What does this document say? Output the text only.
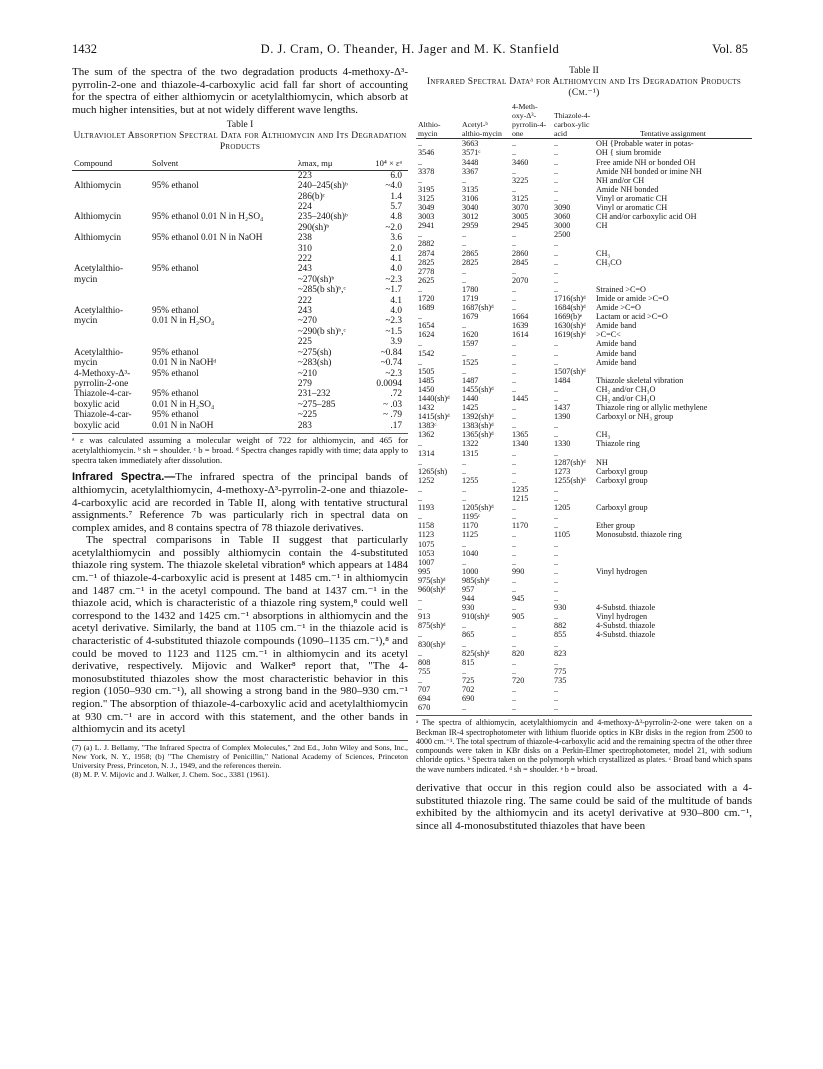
1432	D. J. Cram, O. Theander, H. Jager and M. K. Stanfield	Vol. 85

The sum of the spectra of the two degradation products 4-methoxy-Δ³-pyrrolin-2-one and thiazole-4-carboxylic acid fall far short of accounting for the spectra of either althiomycin or acetylalthiomycin, which absorb at much higher intensities, but at not widely different wave lengths.

Table I

Ultraviolet Absorption Spectral Data for Althiomycin and Its Degradation Products

Compound	Solvent	λmax, mμ	10⁴ × εᵃ
		223	6.0
Althiomycin	95% ethanol	240–245(sh)ᵇ	~4.0
		286(b)ᶜ	1.4
		224	5.7
Althiomycin	95% ethanol 0.01 N in H₂SO₄	235–240(sh)ᵇ	4.8
		290(sh)ᵇ	~2.0
Althiomycin	95% ethanol 0.01 N in NaOH	238	3.6
		310	2.0
		222	4.1
Acetylalthio-	95% ethanol	243	4.0
mycin		~270(sh)ᵇ	~2.3
		~285(b sh)ᵇ,ᶜ	~1.7
		222	4.1
Acetylalthio-	95% ethanol	243	4.0
mycin	0.01 N in H₂SO₄	~270	~2.3
		~290(b sh)ᵇ,ᶜ	~1.5
		225	3.9
Acetylalthio-	95% ethanol	~275(sh)	~0.84
mycin	0.01 N in NaOHᵈ	~283(sh)	~0.74
4-Methoxy-Δ³-	95% ethanol	~210	~2.3
pyrrolin-2-one		279	0.0094
Thiazole-4-car-	95% ethanol	231–232	.72
boxylic acid	0.01 N in H₂SO₄	~275–285	~ .03
Thiazole-4-car-	95% ethanol	~225	~ .79
boxylic acid	0.01 N in NaOH	283	.17

ᵃ ε was calculated assuming a molecular weight of 722 for althiomycin, and 465 for acetylalthiomycin. ᵇ sh = shoulder. ᶜ b = broad. ᵈ Spectra changes rapidly with time; data apply to spectra taken immediately after dissolution.

Infrared Spectra.—The infrared spectra of the principal bands of althiomycin, acetylalthiomycin, 4-methoxy-Δ³-pyrrolin-2-one and thiazole-4-carboxylic acid are recorded in Table II, along with tentative structural assignments.⁷ Reference 7b was particularly rich in spectral data on complex amides, and 8 contains spectra of 78 thiazole derivatives.

The spectral comparisons in Table II suggest that particularly acetylalthiomycin and possibly althiomycin contain the 4-substituted thiazole ring system. The thiazole skeletal vibration⁸ which appears at 1484 cm.⁻¹ of thiazole-4-carboxylic acid is present at 1485 cm.⁻¹ in althiomycin and 1487 cm.⁻¹ in the acetyl compound. The band at 1437 cm.⁻¹ in the thiazole acid, which is characteristic of a thiazole ring system,⁸ could well correspond to the 1432 and 1425 cm.⁻¹ absorptions in althiomycin and the acetyl derivative. Similarly, the band at 1105 cm.⁻¹ in the thiazole acid is characteristic of 4-substituted thiazole compounds (1090–1135 cm.⁻¹),⁸ and could be moved to 1123 and 1125 cm.⁻¹ in althiomycin and its acetyl derivative, respectively. Mijovic and Walker⁸ report that, "The 4-monosubstituted thiazoles show the most characteristic behavior in this region (1050–930 cm.⁻¹), all showing a strong band in the 980–930 cm.⁻¹ region." The absorption of thiazole-4-carboxylic acid and acetylalthiomycin at 930 cm.⁻¹ are in accord with this statement, and the other bands in althiomycin and its acetyl

(7) (a) L. J. Bellamy, "The Infrared Spectra of Complex Molecules," 2nd Ed., John Wiley and Sons, Inc., New York, N. Y., 1958; (b) "The Chemistry of Penicillin," National Academy of Sciences, Princeton University Press, Princeton, N. J., 1949, and the references therein.
(8) M. P. V. Mijovic and J. Walker, J. Chem. Soc., 3381 (1961).

Table II

Infrared Spectral Dataᵃ for Althiomycin and Its Degradation Products (Cm.⁻¹)

Althio-mycin	Acetyl-ᵇ althio-mycin	4-Meth-oxy-Δ³-pyrrolin-4-one	Thiazole-4-carbox-ylic acid	Tentative assignment
..	3663	..	..	OH {Probable water in potas-
3546	3571ᶜ	..	..	OH { sium bromide
..	3448	3460	..	Free amide NH or bonded OH
3378	3367	..	..	Amide NH bonded or imine NH
..	..	3225	..	NH and/or CH
3195	3135	..	..	Amide NH bonded
3125	3106	3125	..	Vinyl or aromatic CH
3049	3040	3070	3090	Vinyl or aromatic CH
3003	3012	3005	3060	CH and/or carboxylic acid OH
2941	2959	2945	3000	CH
..	..	..	2500	
2882	..	..	..	
2874	2865	2860	..	CH₃
2825	2825	2845	..	CH₃CO
2778	..	..	..	
2625	..	2070	..	
..	1780	..	..	Strained >C=O
1720	1719	..	1716(sh)ᵈ	Imide or amide >C=O
1689	1687(sh)ᵈ	..	1684(sh)ᵈ	Amide >C=O
..	1679	1664	1669(b)ᵉ	Lactam or acid >C=O
1654	..	1639	1630(sh)ᵈ	Amide band
1624	1620	1614	1619(sh)ᵈ	>C=C<
..	1597	..	..	Amide band
1542	..	..	..	Amide band
..	1525	..	..	Amide band
1505	..	..	1507(sh)ᵈ	
1485	1487	..	1484	Thiazole skeletal vibration
1450	1455(sh)ᵈ	..	..	CH₂ and/or CH₃O
1440(sh)ᵈ	1440	1445	..	CH₂ and/or CH₃O
1432	1425	..	1437	Thiazole ring or allylic methylene
1415(sh)ᵈ	1392(sh)ᵈ	..	1390	Carboxyl or NH₃ group
1383ᶜ	1383(sh)ᵈ	..	..	
1362	1365(sh)ᵈ	1365	..	CH₃
..	1322	1340	1330	Thiazole ring
1314	1315	..	..	
..	..	..	1287(sh)ᵈ	NH
1265(sh)	..	..	1273	Carboxyl group
1252	1255	..	1255(sh)ᵈ	Carboxyl group
..	..	1235	..	
..	..	1215	..	
1193	1205(sh)ᵈ	..	1205	Carboxyl group
..	1195ᶜ	..	..	
1158	1170	1170	..	Ether group
1123	1125	..	1105	Monosubstd. thiazole ring
1075	..	..	..	
1053	1040	..	..	
1007	..	..	..	
995	1000	990	..	Vinyl hydrogen
975(sh)ᵈ	985(sh)ᵈ	..	..	
960(sh)ᵈ	957	..	..	
..	944	945	..	
..	930	..	930	4-Substd. thiazole
913	910(sh)ᵈ	905	..	Vinyl hydrogen
875(sh)ᵈ	..	..	882	4-Substd. thiazole
..	865	..	855	4-Substd. thiazole
830(sh)ᵈ	..	..	..	
..	825(sh)ᵈ	820	823	
808	815	..	..	
755	..	..	775	
..	725	720	735	
707	702	..	..	
694	690	..	..	
670	..	..	..	

ᵃ The spectra of althiomycin, acetylalthiomycin and 4-methoxy-Δ³-pyrrolin-2-one were taken on a Beckman IR-4 spectrophotometer with lithium fluoride optics in KBr disks in the region from 2500 to 4000 cm.⁻¹. The total spectrum of thiazole-4-carboxylic acid and the remaining spectra of the other three compounds were taken in KBr disks on a Perkin-Elmer spectrophotometer, model 21, with sodium chloride optics. ᵇ Spectra taken on the polymorph which crystallized as plates. ᶜ Broad band which spans the wave numbers indicated. ᵈ sh = shoulder. ᵉ b = broad.

derivative that occur in this region could also be associated with a 4-substituted thiazole ring. The same could be said of the multitude of bands exhibited by the althiomycin and its acetyl derivative at 930–800 cm.⁻¹, since all 4-monosubstituted thiazoles that have been
